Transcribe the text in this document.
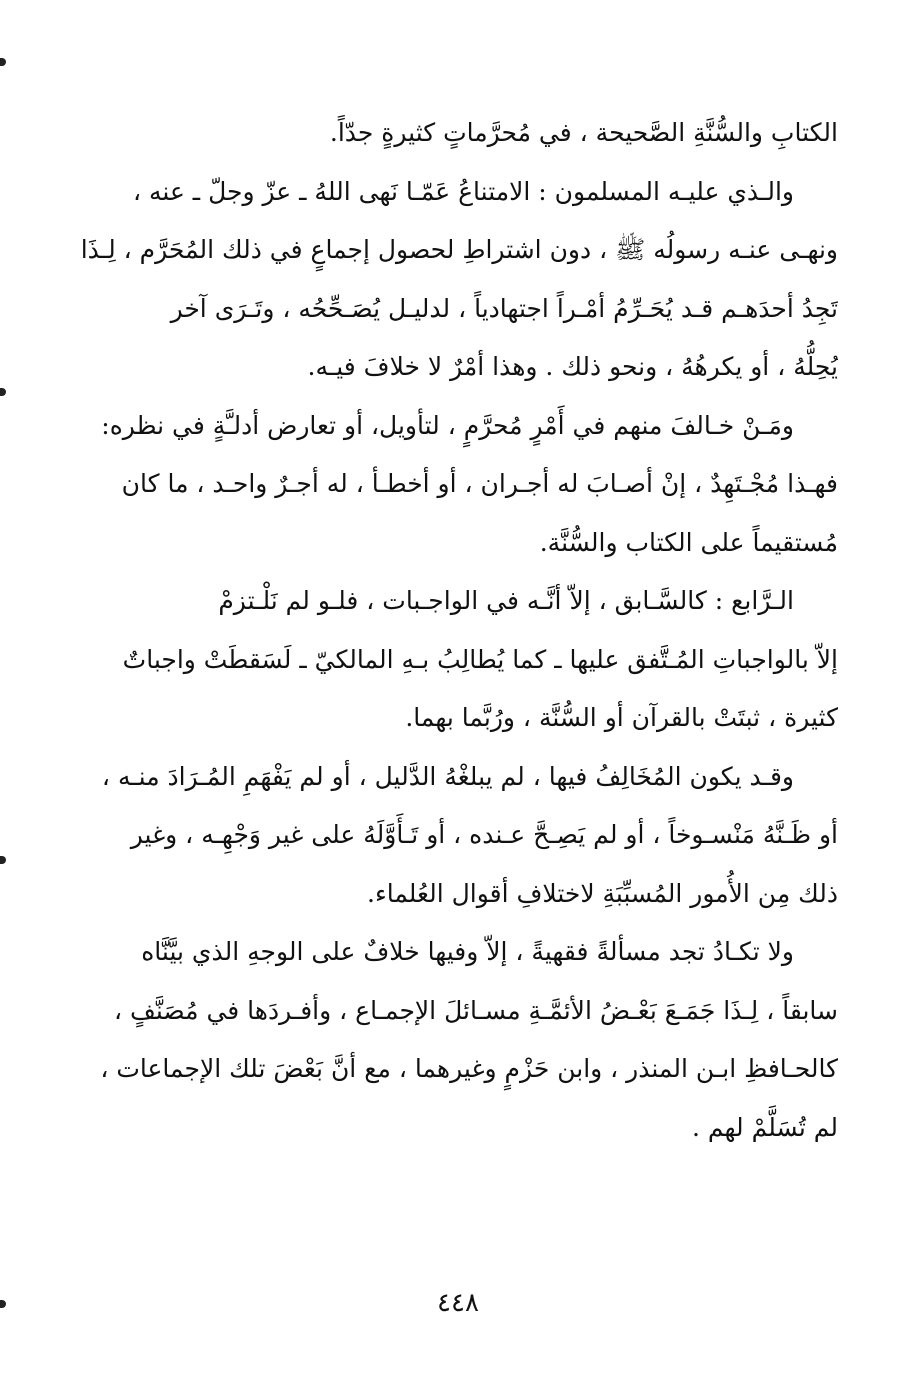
الكتابِ والسُّنَّةِ الصَّحيحة ، في مُحرَّماتٍ كثيرةٍ جدّاً.
والـذي عليـه المسلمون : الامتناعُ عَمّـا نَهى اللهُ ـ عزّ وجلّ ـ عنه ،
ونهـى عنـه رسولُه ﷺ ، دون اشتراطِ لحصول إجماعٍ في ذلك المُحَرَّم ، لِـذَا
تَجِدُ أحدَهـم قـد يُحَـرِّمُ أمْـراً اجتهادياً ، لدليـل يُصَـحِّحُه ، وتَـرَى آخر
يُحِلُّهُ ، أو يكرهُهُ ، ونحو ذلك . وهذا أمْرٌ لا خلافَ فيـه.
ومَـنْ خـالفَ منهم في أَمْرٍ مُحرَّمٍ ، لتأويل، أو تعارض أدلـَّةٍ في نظره:
فهـذا مُجْـتَهِدٌ ، إنْ أصـابَ له أجـران ، أو أخطـأ ، له أجـرٌ واحـد ، ما كان
مُستقيماً على الكتاب والسُّنَّة.
الـرَّابع : كالسَّـابق ، إلاّ أنَّـه في الواجـبات ، فلـو لم نَلْـتزمْ
إلاّ بالواجباتِ المُـتَّفق عليها ـ كما يُطالِبُ بـهِ المالكيّ ـ لَسَقطَتْ واجباتٌ
كثيرة ، ثبتَتْ بالقرآن أو السُّنَّة ، ورُبَّما بهما.
وقـد يكون المُخَالِفُ فيها ، لم يبلغْهُ الدَّليل ، أو لم يَفْهَمِ المُـرَادَ منـه ،
أو ظَـنَّهُ مَنْسـوخاً ، أو لم يَصِـحَّ عـنده ، أو تَـأَوَّلَهُ على غير وَجْهِـه ، وغير
ذلك مِن الأُمور المُسبِّبَةِ لاختلافِ أقوال العُلماء.
ولا تكـادُ تجد مسألةً فقهيةً ، إلاّ وفيها خلافٌ على الوجهِ الذي بيَّنَّاه
سابقاً ، لِـذَا جَمَـعَ بَعْـضُ الأئمَّـةِ مسـائلَ الإجمـاع ، وأفـردَها في مُصَنَّفٍ ،
كالحـافظِ ابـن المنذر ، وابن حَزْمٍ وغيرهما ، مع أنَّ بَعْضَ تلك الإجماعات ،
لم تُسَلَّمْ لهم .
٤٤٨
